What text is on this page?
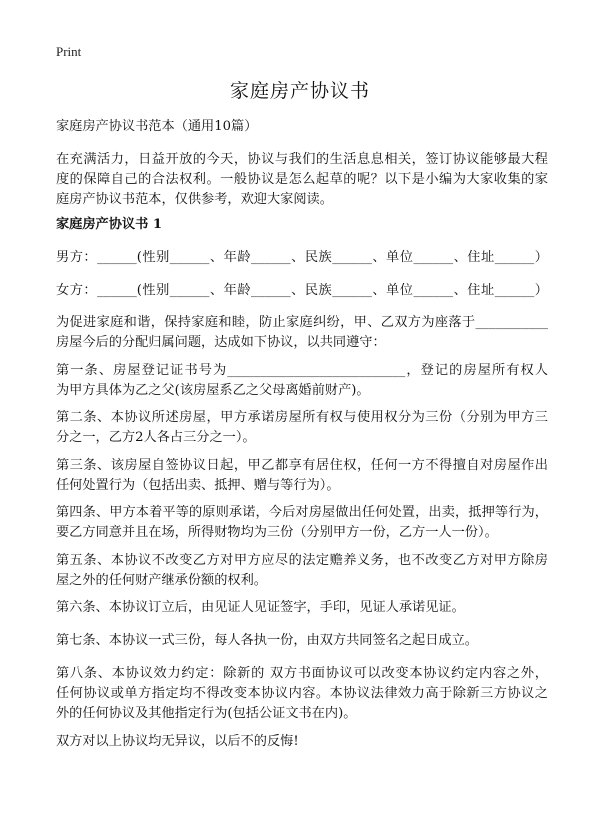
Print
家庭房产协议书

家庭房产协议书范本（通用10篇）

在充满活力，日益开放的今天，协议与我们的生活息息相关，签订协议能够最大程
度的保障自己的合法权利。一般协议是怎么起草的呢？以下是小编为大家收集的家
庭房产协议书范本，仅供参考，欢迎大家阅读。

家庭房产协议书 1

男方：______(性别______、年龄______、民族______、单位______、住址______）

女方：______(性别______、年龄______、民族______、单位______、住址______）

为促进家庭和谐，保持家庭和睦，防止家庭纠纷，甲、乙双方为座落于___________
房屋今后的分配归属问题，达成如下协议，以共同遵守：

第一条、房屋登记证书号为___________________________，登记的房屋所有权人
为甲方具体为乙之父(该房屋系乙之父母离婚前财产)。

第二条、本协议所述房屋，甲方承诺房屋所有权与使用权分为三份（分别为甲方三
分之一，乙方2人各占三分之一）。

第三条、该房屋自签协议日起，甲乙都享有居住权，任何一方不得擅自对房屋作出
任何处置行为（包括出卖、抵押、赠与等行为）。

第四条、甲方本着平等的原则承诺，今后对房屋做出任何处置，出卖，抵押等行为，
要乙方同意并且在场，所得财物均为三份（分别甲方一份，乙方一人一份）。

第五条、本协议不改变乙方对甲方应尽的法定赡养义务，也不改变乙方对甲方除房
屋之外的任何财产继承份额的权利。

第六条、本协议订立后，由见证人见证签字，手印，见证人承诺见证。

第七条、本协议一式三份，每人各执一份，由双方共同签名之起日成立。

第八条、本协议效力约定：除新的 双方书面协议可以改变本协议约定内容之外，
任何协议或单方指定均不得改变本协议内容。本协议法律效力高于除新三方协议之
外的任何协议及其他指定行为(包括公证文书在内)。

双方对以上协议均无异议，以后不的反悔!
